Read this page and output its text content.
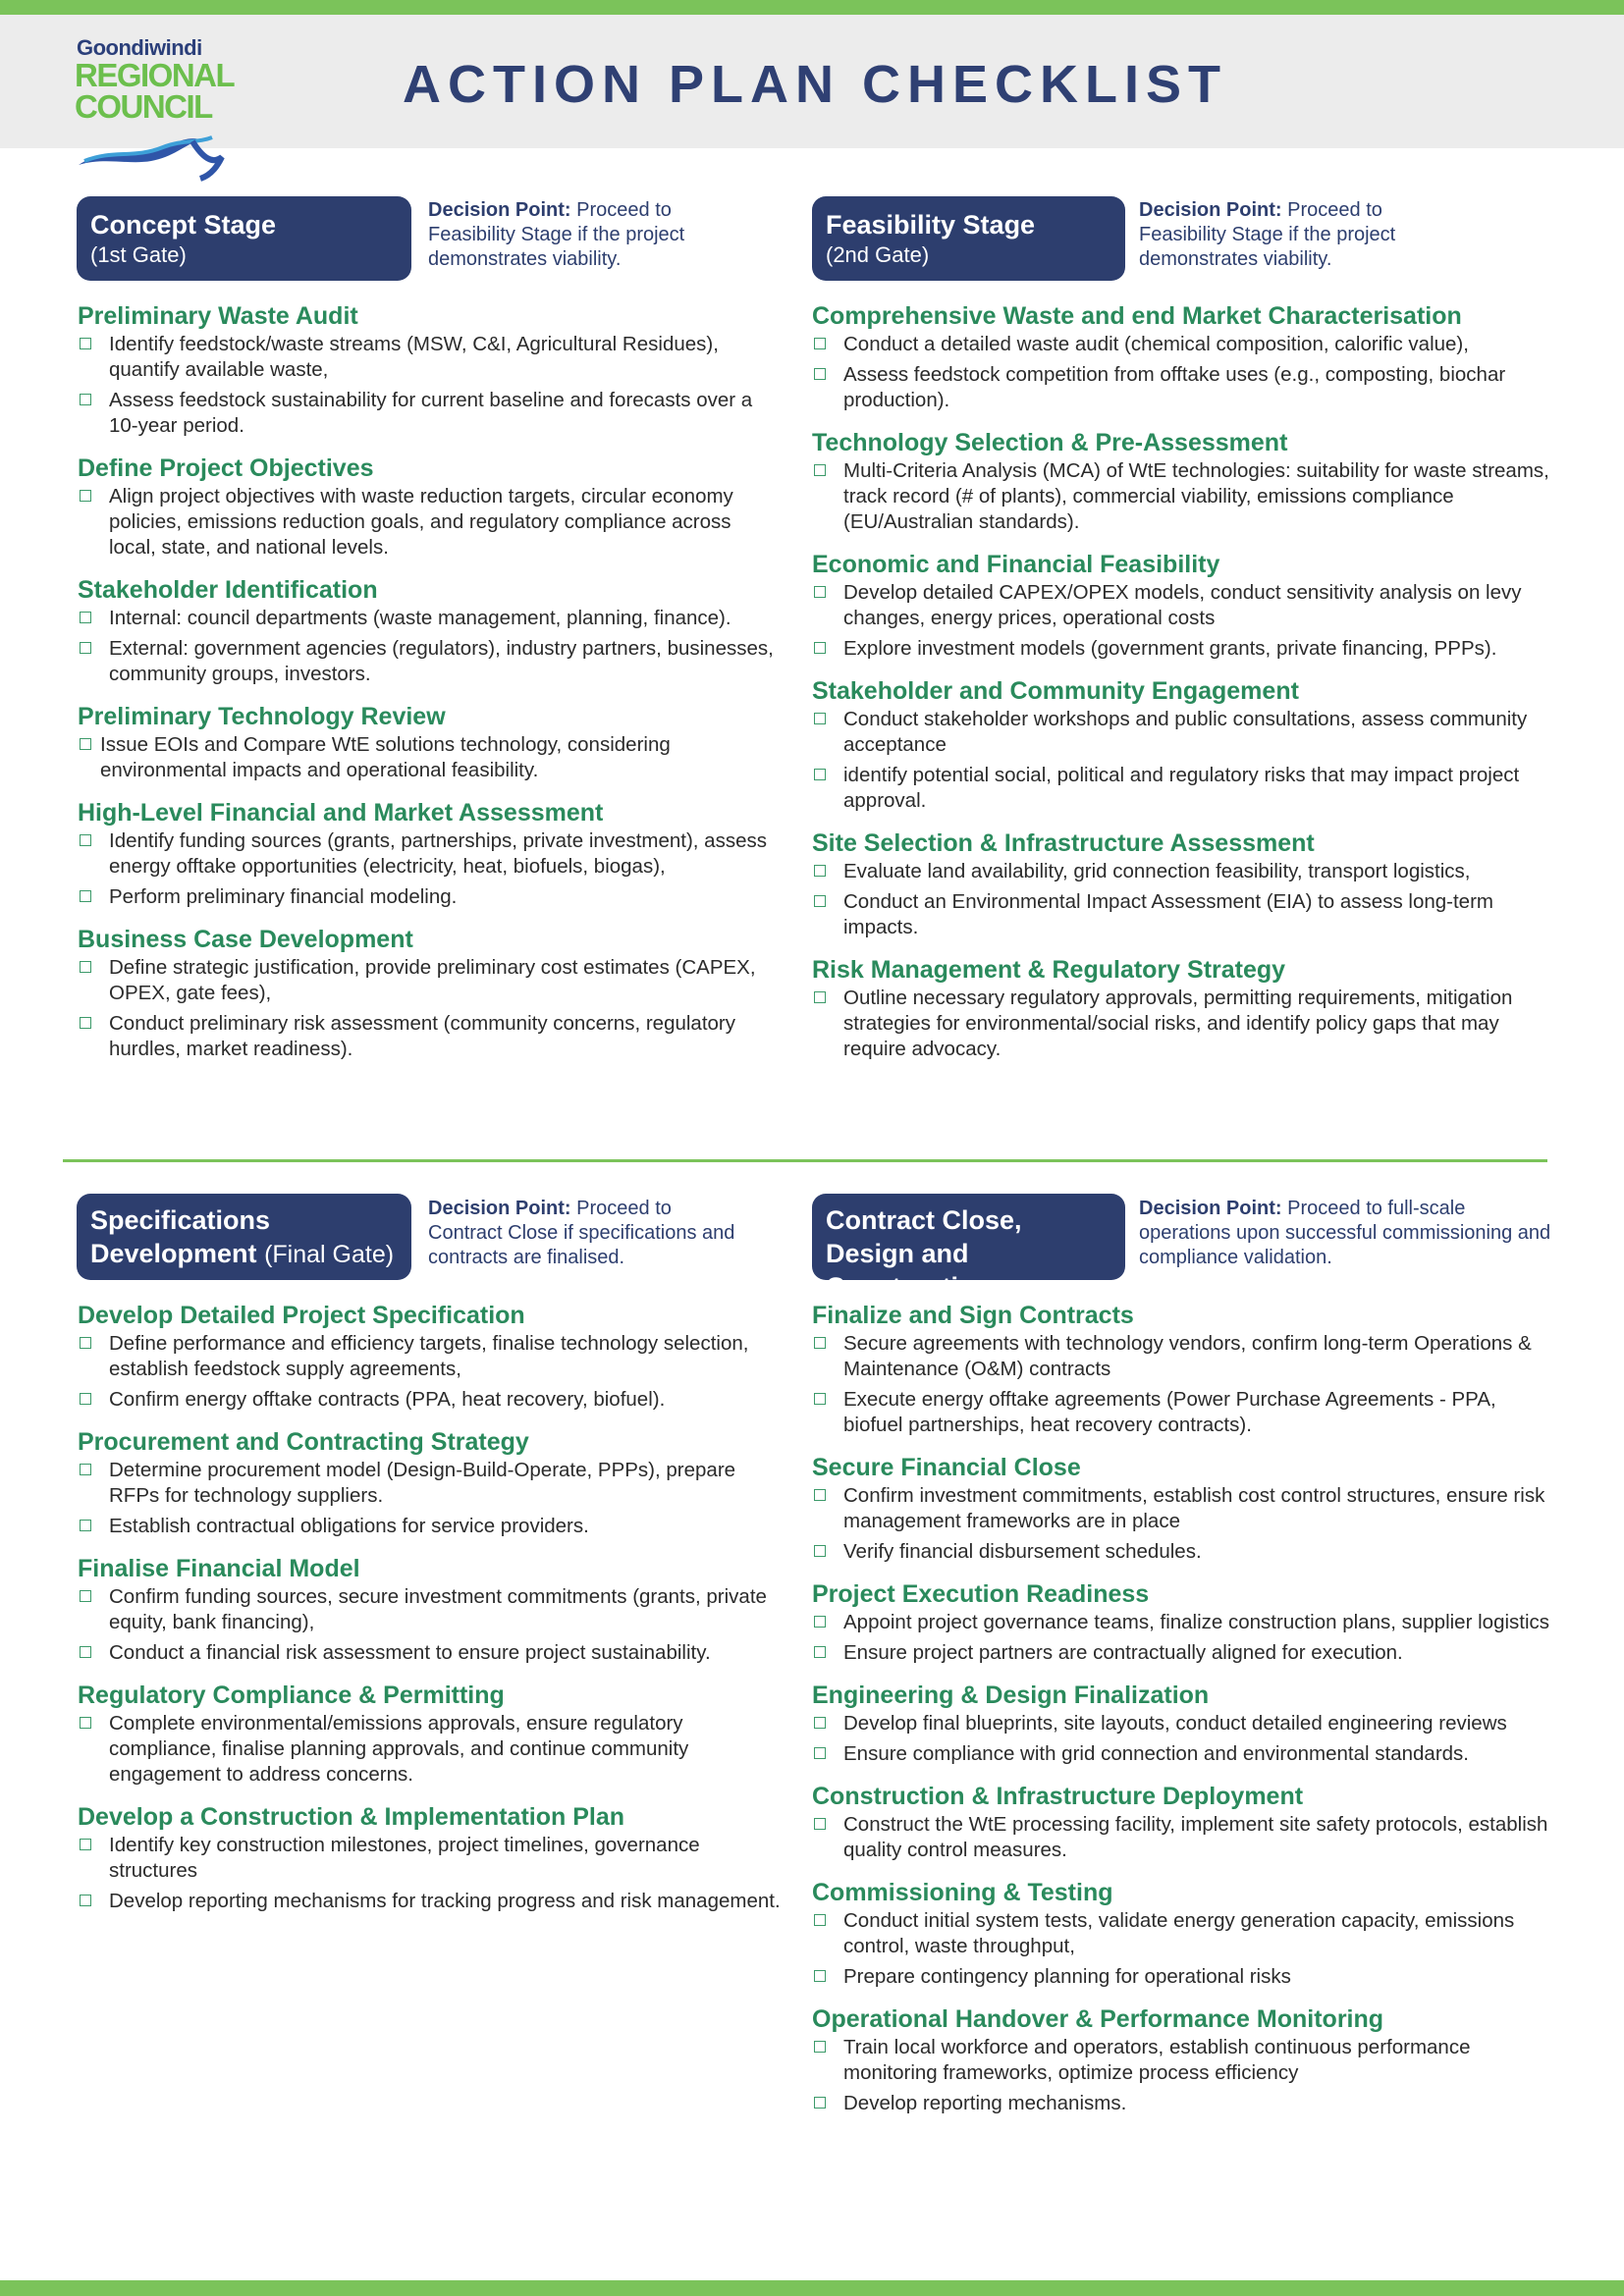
Goondiwindi
REGIONAL
COUNCIL	ACTION PLAN CHECKLIST
Concept Stage
(1st Gate)
Decision Point: Proceed to Feasibility Stage if the project demonstrates viability.
Preliminary Waste Audit
Identify feedstock/waste streams (MSW, C&I, Agricultural Residues), quantify available waste,
Assess feedstock sustainability for current baseline and forecasts over a 10-year period.
Define Project Objectives
Align project objectives with waste reduction targets, circular economy policies, emissions reduction goals, and regulatory compliance across local, state, and national levels.
Stakeholder Identification
Internal: council departments (waste management, planning, finance).
External: government agencies (regulators), industry partners, businesses, community groups, investors.
Preliminary Technology Review
Issue EOIs and Compare WtE solutions technology, considering environmental impacts and operational feasibility.
High-Level Financial and Market Assessment
Identify funding sources (grants, partnerships, private investment), assess energy offtake opportunities (electricity, heat, biofuels, biogas),
Perform preliminary financial modeling.
Business Case Development
Define strategic justification, provide preliminary cost estimates (CAPEX, OPEX, gate fees),
Conduct preliminary risk assessment (community concerns, regulatory hurdles, market readiness).
Feasibility Stage
(2nd Gate)
Decision Point: Proceed to Feasibility Stage if the project demonstrates viability.
Comprehensive Waste and end Market Characterisation
Conduct a detailed waste audit (chemical composition, calorific value),
Assess feedstock competition from offtake uses (e.g., composting, biochar production).
Technology Selection & Pre-Assessment
Multi-Criteria Analysis (MCA) of WtE technologies: suitability for waste streams, track record (# of plants), commercial viability, emissions compliance (EU/Australian standards).
Economic and Financial Feasibility
Develop detailed CAPEX/OPEX models, conduct sensitivity analysis on levy changes, energy prices, operational costs
Explore investment models (government grants, private financing, PPPs).
Stakeholder and Community Engagement
Conduct stakeholder workshops and public consultations, assess community acceptance
identify potential social, political and regulatory risks that may impact project approval.
Site Selection & Infrastructure Assessment
Evaluate land availability, grid connection feasibility, transport logistics,
Conduct an Environmental Impact Assessment (EIA) to assess long-term impacts.
Risk Management & Regulatory Strategy
Outline necessary regulatory approvals, permitting requirements, mitigation strategies for environmental/social risks, and identify policy gaps that may require advocacy.
Specifications Development (Final Gate)
Decision Point: Proceed to Contract Close if specifications and contracts are finalised.
Develop Detailed Project Specification
Define performance and efficiency targets, finalise technology selection, establish feedstock supply agreements,
Confirm energy offtake contracts (PPA, heat recovery, biofuel).
Procurement and Contracting Strategy
Determine procurement model (Design-Build-Operate, PPPs), prepare RFPs for technology suppliers.
Establish contractual obligations for service providers.
Finalise Financial Model
Confirm funding sources, secure investment commitments (grants, private equity, bank financing),
Conduct a financial risk assessment to ensure project sustainability.
Regulatory Compliance & Permitting
Complete environmental/emissions approvals, ensure regulatory compliance, finalise planning approvals, and continue community engagement to address concerns.
Develop a Construction & Implementation Plan
Identify key construction milestones, project timelines, governance structures
Develop reporting mechanisms for tracking progress and risk management.
Contract Close, Design and Construction
Decision Point: Proceed to full-scale operations upon successful commissioning and compliance validation.
Finalize and Sign Contracts
Secure agreements with technology vendors, confirm long-term Operations & Maintenance (O&M) contracts
Execute energy offtake agreements (Power Purchase Agreements - PPA, biofuel partnerships, heat recovery contracts).
Secure Financial Close
Confirm investment commitments, establish cost control structures, ensure risk management frameworks are in place
Verify financial disbursement schedules.
Project Execution Readiness
Appoint project governance teams, finalize construction plans, supplier logistics
Ensure project partners are contractually aligned for execution.
Engineering & Design Finalization
Develop final blueprints, site layouts, conduct detailed engineering reviews
Ensure compliance with grid connection and environmental standards.
Construction & Infrastructure Deployment
Construct the WtE processing facility, implement site safety protocols, establish quality control measures.
Commissioning & Testing
Conduct initial system tests, validate energy generation capacity, emissions control, waste throughput,
Prepare contingency planning for operational risks
Operational Handover & Performance Monitoring
Train local workforce and operators, establish continuous performance monitoring frameworks, optimize process efficiency
Develop reporting mechanisms.
